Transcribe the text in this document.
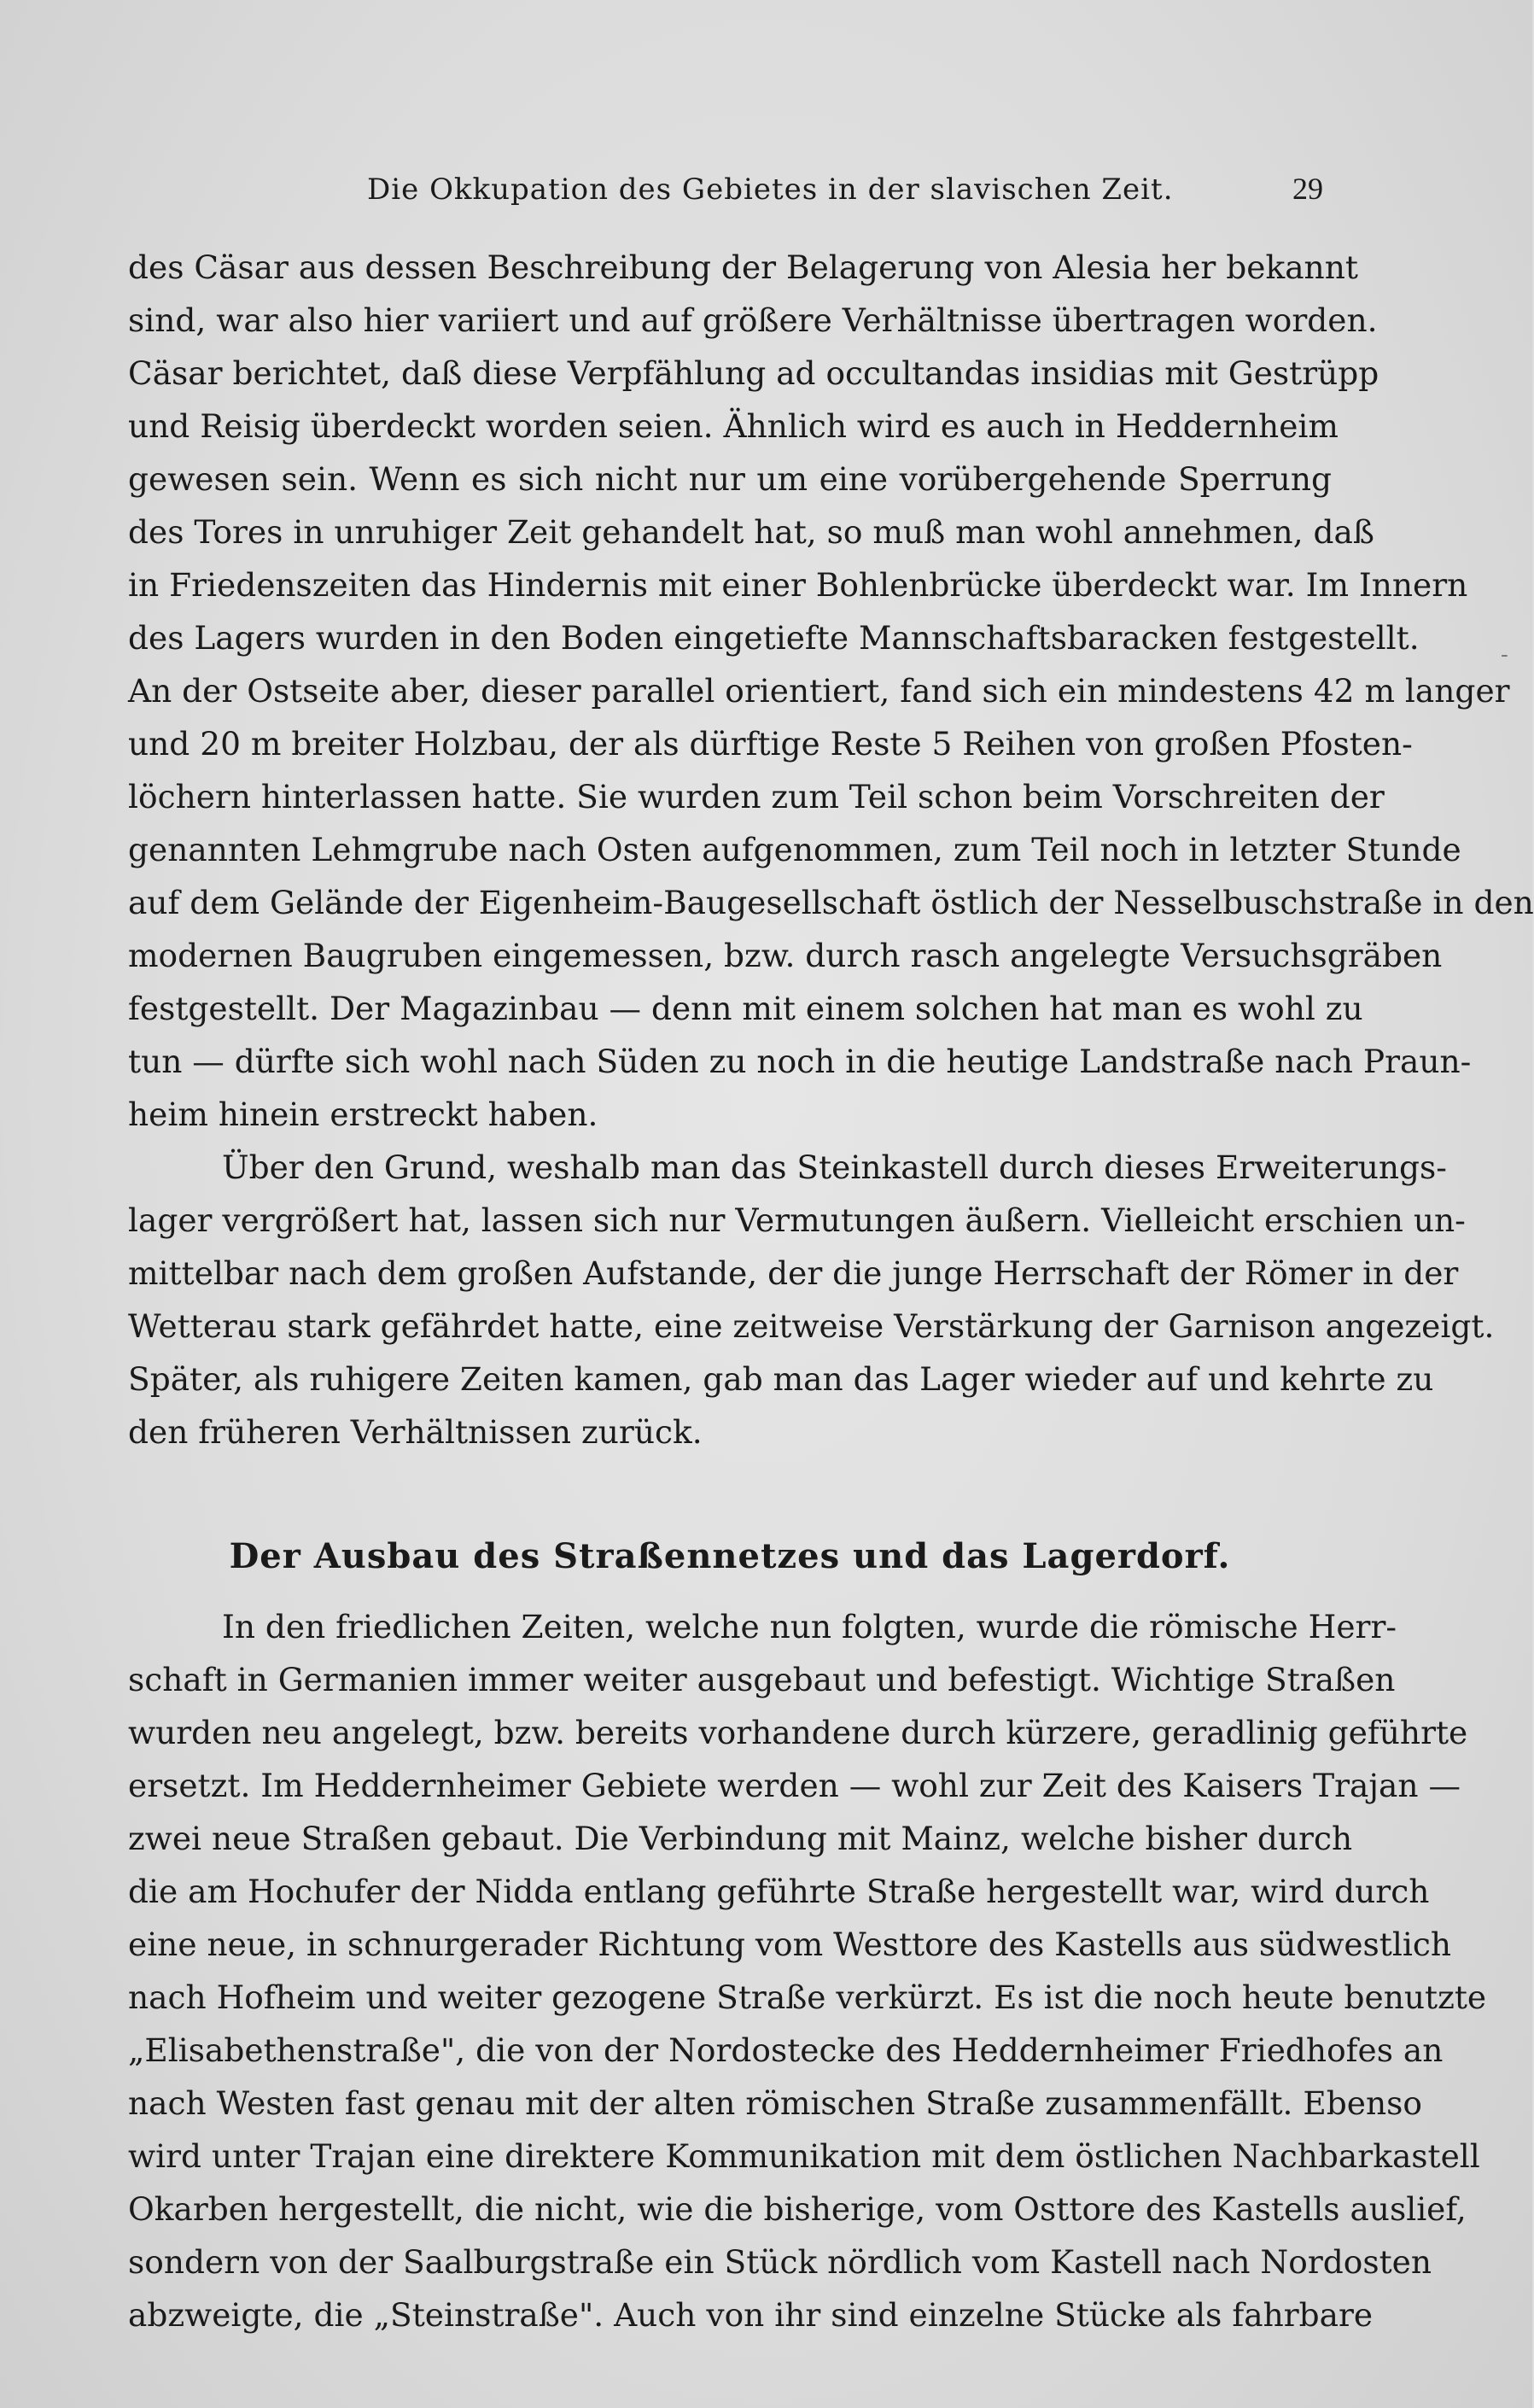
Die Okkupation des Gebietes in der slavischen Zeit.	29
-
des Cäsar aus dessen Beschreibung der Belagerung von Alesia her bekannt
sind, war also hier variiert und auf größere Verhältnisse übertragen worden.
Cäsar berichtet, daß diese Verpfählung ad occultandas insidias mit Gestrüpp
und Reisig überdeckt worden seien. Ähnlich wird es auch in Heddernheim
gewesen sein. Wenn es sich nicht nur um eine vorübergehende Sperrung
des Tores in unruhiger Zeit gehandelt hat, so muß man wohl annehmen, daß
in Friedenszeiten das Hindernis mit einer Bohlenbrücke überdeckt war. Im Innern
des Lagers wurden in den Boden eingetiefte Mannschaftsbaracken festgestellt.
An der Ostseite aber, dieser parallel orientiert, fand sich ein mindestens 42 m langer
und 20 m breiter Holzbau, der als dürftige Reste 5 Reihen von großen Pfosten-
löchern hinterlassen hatte. Sie wurden zum Teil schon beim Vorschreiten der
genannten Lehmgrube nach Osten aufgenommen, zum Teil noch in letzter Stunde
auf dem Gelände der Eigenheim-Baugesellschaft östlich der Nesselbuschstraße in den
modernen Baugruben eingemessen, bzw. durch rasch angelegte Versuchsgräben
festgestellt. Der Magazinbau — denn mit einem solchen hat man es wohl zu
tun — dürfte sich wohl nach Süden zu noch in die heutige Landstraße nach Praun-
heim hinein erstreckt haben.
Über den Grund, weshalb man das Steinkastell durch dieses Erweiterungs-
lager vergrößert hat, lassen sich nur Vermutungen äußern. Vielleicht erschien un-
mittelbar nach dem großen Aufstande, der die junge Herrschaft der Römer in der
Wetterau stark gefährdet hatte, eine zeitweise Verstärkung der Garnison angezeigt.
Später, als ruhigere Zeiten kamen, gab man das Lager wieder auf und kehrte zu
den früheren Verhältnissen zurück.
Der Ausbau des Straßennetzes und das Lagerdorf.
In den friedlichen Zeiten, welche nun folgten, wurde die römische Herr-
schaft in Germanien immer weiter ausgebaut und befestigt. Wichtige Straßen
wurden neu angelegt, bzw. bereits vorhandene durch kürzere, geradlinig geführte
ersetzt. Im Heddernheimer Gebiete werden — wohl zur Zeit des Kaisers Trajan —
zwei neue Straßen gebaut. Die Verbindung mit Mainz, welche bisher durch
die am Hochufer der Nidda entlang geführte Straße hergestellt war, wird durch
eine neue, in schnurgerader Richtung vom Westtore des Kastells aus südwestlich
nach Hofheim und weiter gezogene Straße verkürzt. Es ist die noch heute benutzte
„Elisabethenstraße", die von der Nordostecke des Heddernheimer Friedhofes an
nach Westen fast genau mit der alten römischen Straße zusammenfällt. Ebenso
wird unter Trajan eine direktere Kommunikation mit dem östlichen Nachbarkastell
Okarben hergestellt, die nicht, wie die bisherige, vom Osttore des Kastells auslief,
sondern von der Saalburgstraße ein Stück nördlich vom Kastell nach Nordosten
abzweigte, die „Steinstraße". Auch von ihr sind einzelne Stücke als fahrbare
